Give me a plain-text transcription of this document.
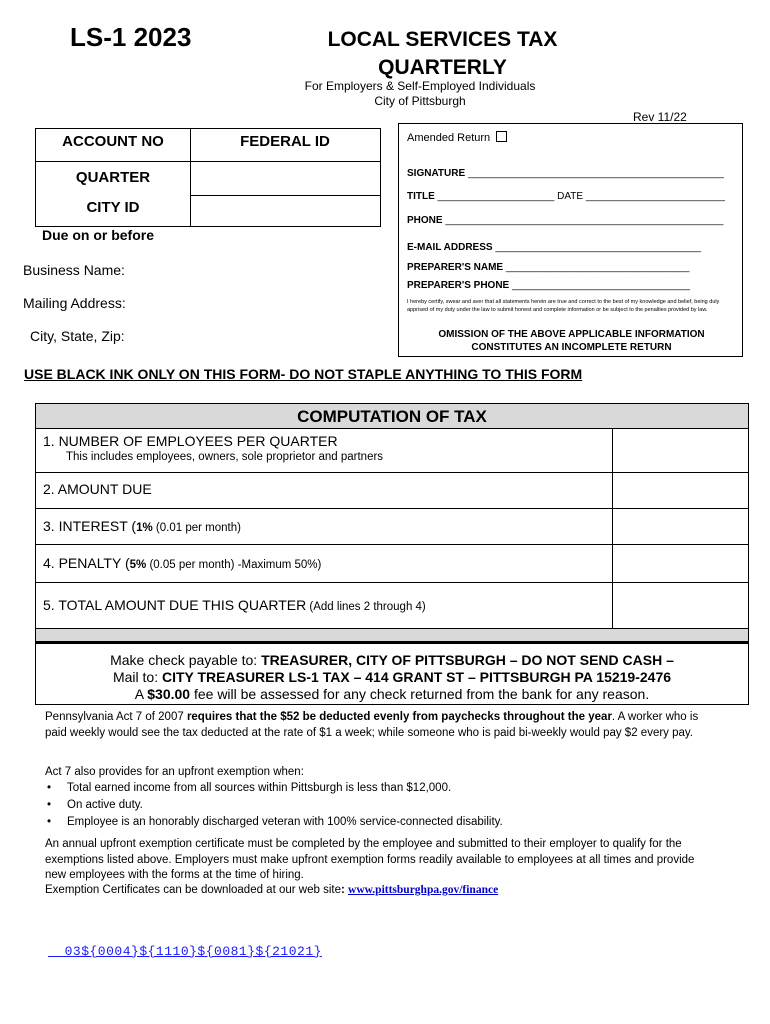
LS-1 2023	LOCAL SERVICES TAX
QUARTERLY
For Employers & Self-Employed Individuals
City of Pittsburgh
Rev 11/22
ACCOUNT NO	FEDERAL ID
QUARTER
CITY ID
Due on or before
Business Name:
Mailing Address:
City, State, Zip:
Amended Return
SIGNATURE ______________________________________________
TITLE _____________________ DATE _________________________
PHONE __________________________________________________
E-MAIL ADDRESS _____________________________________
PREPARER'S NAME _________________________________
PREPARER'S PHONE ________________________________
I hereby certify, swear and aver that all statements herein are true and correct to the best of my knowledge and belief, being duly apprised of my duty under the law to submit honest and complete information or be subject to the penalties provided by law.
OMISSION OF THE ABOVE APPLICABLE INFORMATION
CONSTITUTES AN INCOMPLETE RETURN
USE BLACK INK ONLY ON THIS FORM- DO NOT STAPLE ANYTHING TO THIS FORM
COMPUTATION OF TAX
1. NUMBER OF EMPLOYEES PER QUARTER
This includes employees, owners, sole proprietor and partners
2. AMOUNT DUE
3. INTEREST (1% (0.01 per month)
4. PENALTY (5% (0.05 per month) -Maximum 50%)
5. TOTAL AMOUNT DUE THIS QUARTER (Add lines 2 through 4)
Make check payable to: TREASURER, CITY OF PITTSBURGH – DO NOT SEND CASH –
Mail to: CITY TREASURER LS-1 TAX – 414 GRANT ST – PITTSBURGH PA 15219-2476
A $30.00 fee will be assessed for any check returned from the bank for any reason.
Pennsylvania Act 7 of 2007 requires that the $52 be deducted evenly from paychecks throughout the year. A worker who is paid weekly would see the tax deducted at the rate of $1 a week; while someone who is paid bi-weekly would pay $2 every pay.
Act 7 also provides for an upfront exemption when:
• Total earned income from all sources within Pittsburgh is less than $12,000.
• On active duty.
• Employee is an honorably discharged veteran with 100% service-connected disability.
An annual upfront exemption certificate must be completed by the employee and submitted to their employer to qualify for the exemptions listed above. Employers must make upfront exemption forms readily available to employees at all times and provide new employees with the forms at the time of hiring.
Exemption Certificates can be downloaded at our web site: www.pittsburghpa.gov/finance
__03${0004}${1110}${0081}${21021}
